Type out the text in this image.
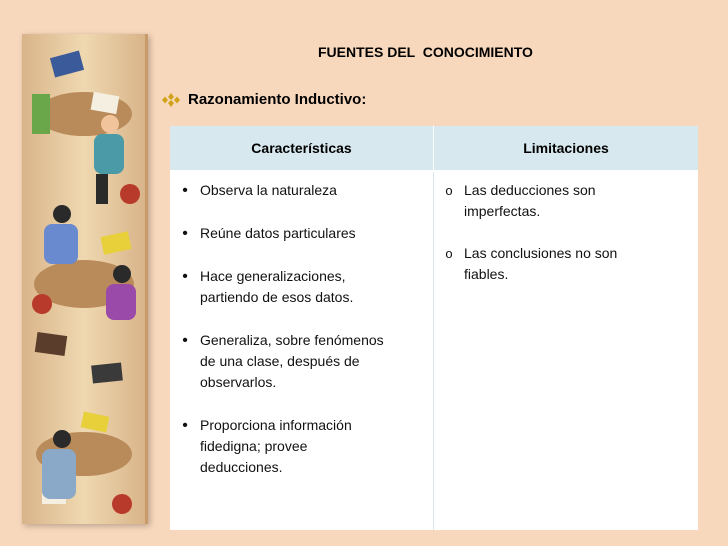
FUENTES DEL  CONOCIMIENTO
Razonamiento Inductivo:
Características	Limitaciones
•
Observa la naturaleza
•
Reúne datos particulares
•
Hace generalizaciones,
partiendo de esos datos.
•
Generaliza, sobre fenómenos
de una clase, después de
observarlos.
•
Proporciona información
fidedigna; provee
deducciones.
o
Las deducciones son
imperfectas.
o
Las conclusiones no son
fiables.
